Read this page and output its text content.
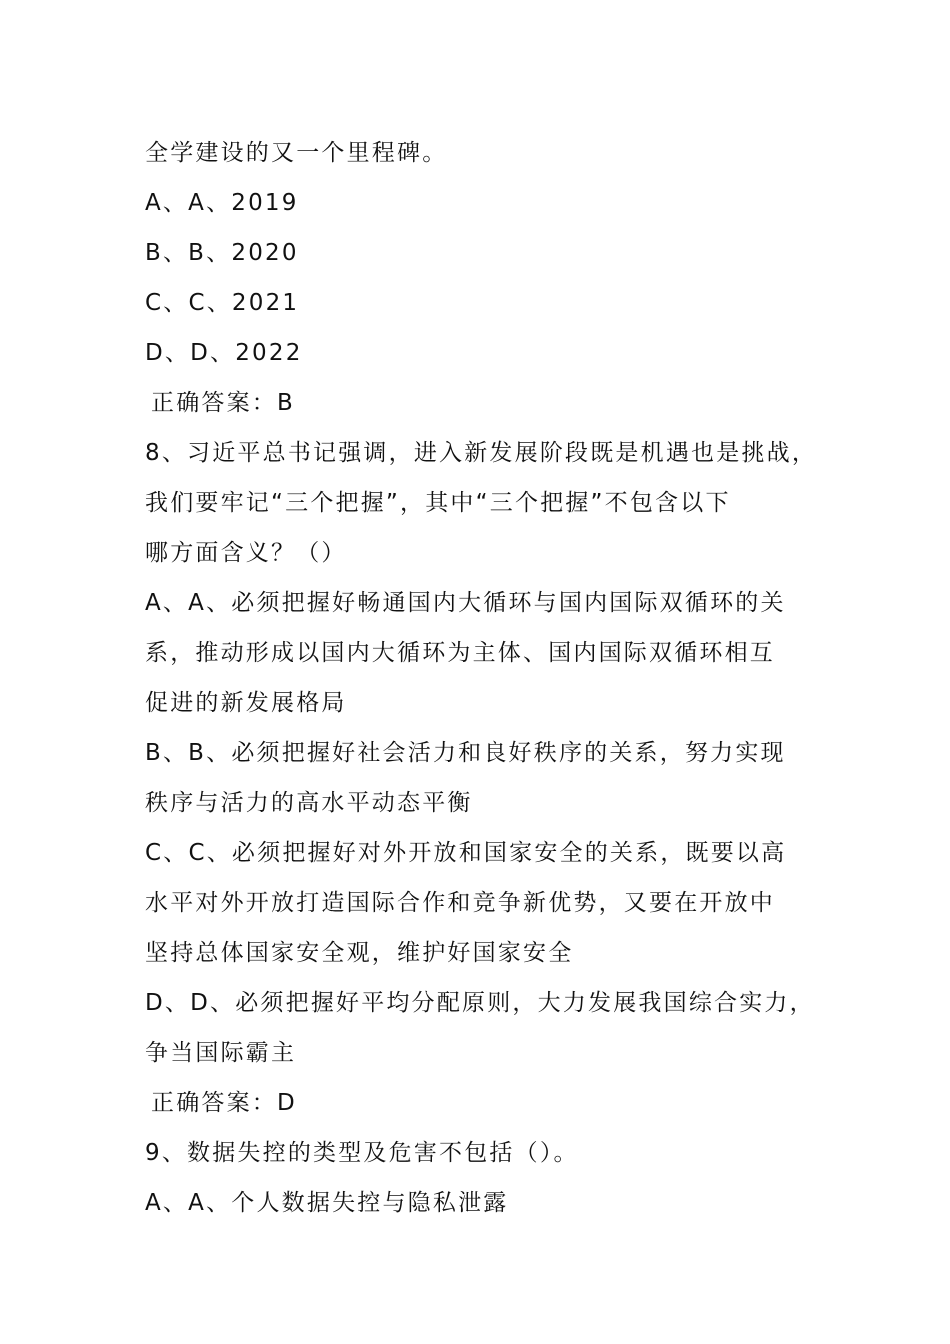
全学建设的又一个里程碑。
A、A、2019
B、B、2020
C、C、2021
D、D、2022
正确答案：B
8、习近平总书记强调，进入新发展阶段既是机遇也是挑战，
我们要牢记“三个把握”，其中“三个把握”不包含以下
哪方面含义？（）
A、A、必须把握好畅通国内大循环与国内国际双循环的关
系，推动形成以国内大循环为主体、国内国际双循环相互
促进的新发展格局
B、B、必须把握好社会活力和良好秩序的关系，努力实现
秩序与活力的高水平动态平衡
C、C、必须把握好对外开放和国家安全的关系，既要以高
水平对外开放打造国际合作和竞争新优势，又要在开放中
坚持总体国家安全观，维护好国家安全
D、D、必须把握好平均分配原则，大力发展我国综合实力，
争当国际霸主
正确答案：D
9、数据失控的类型及危害不包括（）。
A、A、个人数据失控与隐私泄露
